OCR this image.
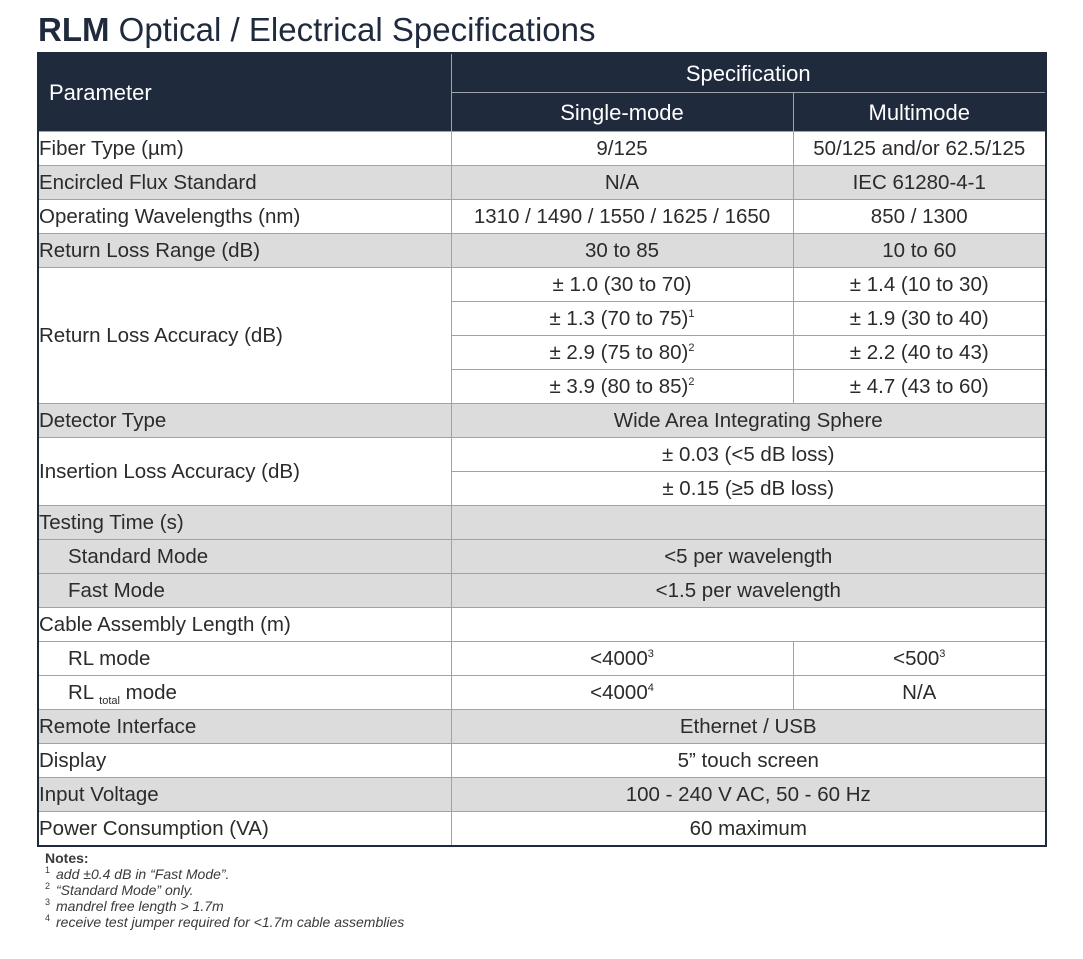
RLM Optical / Electrical Specifications
Parameter	Specification	
	Single-mode	Multimode
Fiber Type (µm)	9/125	50/125 and/or 62.5/125
Encircled Flux Standard	N/A	IEC 61280-4-1
Operating Wavelengths (nm)	1310 / 1490 / 1550 / 1625 / 1650	850 / 1300
Return Loss Range (dB)	30 to 85	10 to 60
Return Loss Accuracy (dB)	± 1.0 (30 to 70)	± 1.4 (10 to 30)
	± 1.3 (70 to 75)$^1$	± 1.9 (30 to 40)
	± 2.9 (75 to 80)$^2$	± 2.2 (40 to 43)
	± 3.9 (80 to 85)$^2$	± 4.7 (43 to 60)
Detector Type	Wide Area Integrating Sphere	
Insertion Loss Accuracy (dB)	± 0.03 (<5 dB loss)	
	± 0.15 (≥5 dB loss)	
Testing Time (s)		
Standard Mode	<5 per wavelength	
Fast Mode	<1.5 per wavelength	
Cable Assembly Length (m)		
RL mode	$<4000^3$	$<500^3$
RL $_{total}$ mode	$<4000^4$	N/A
Remote Interface	Ethernet / USB	
Display	5” touch screen	
Input Voltage	100 - 240 V AC, 50 - 60 Hz	
Power Consumption (VA)	60 maximum	
Notes:
$^1$ add ±0.4 dB in “Fast Mode”.
$^2$ “Standard Mode” only.
$^3$ mandrel free length > 1.7m
$^4$ receive test jumper required for <1.7m cable assemblies
